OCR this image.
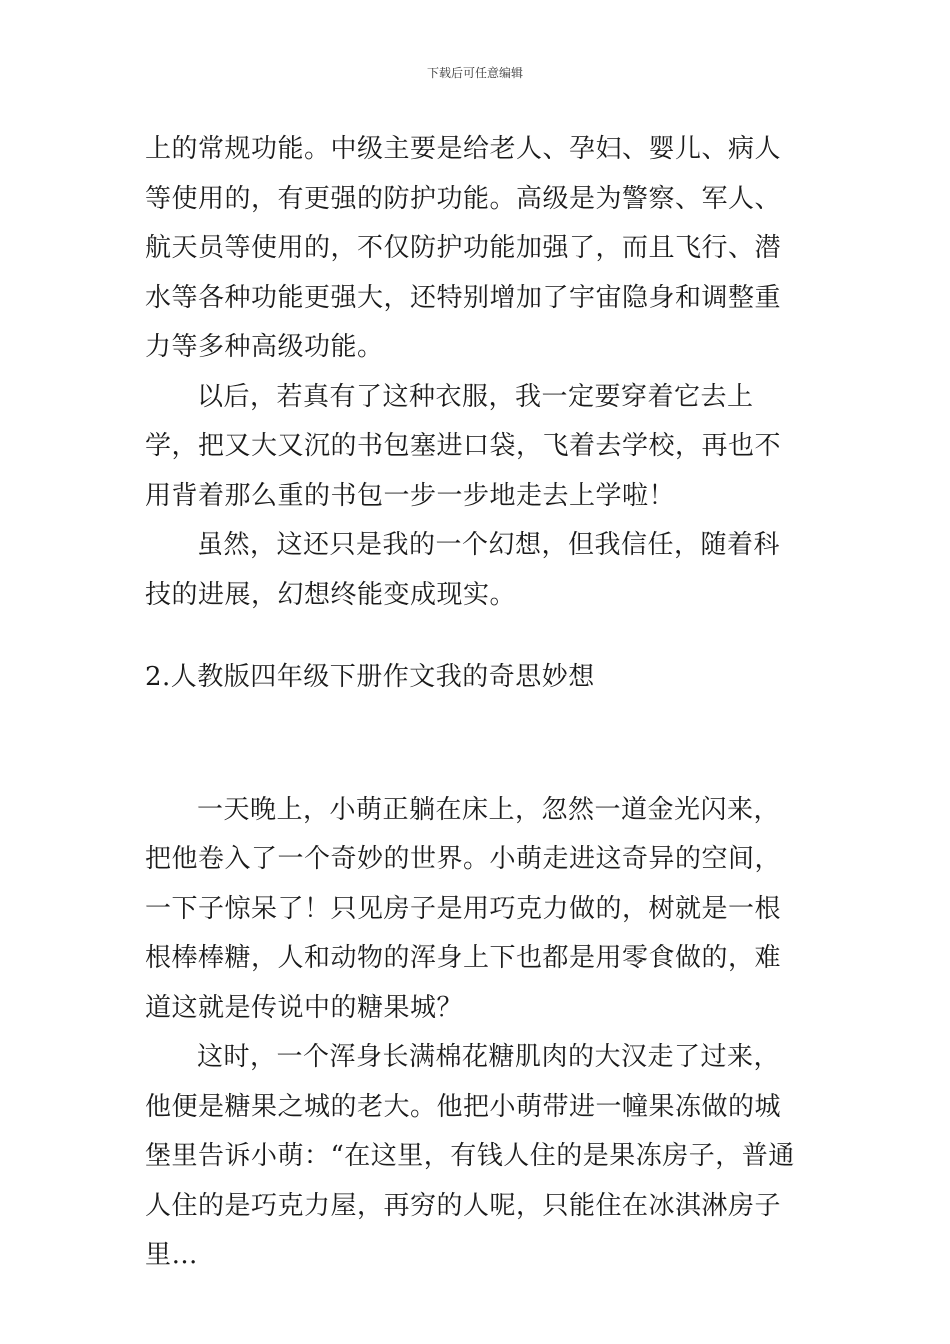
下载后可任意编辑

上的常规功能。中级主要是给老人、孕妇、婴儿、病人等使用的，有更强的防护功能。高级是为警察、军人、航天员等使用的，不仅防护功能加强了，而且飞行、潜水等各种功能更强大，还特别增加了宇宙隐身和调整重力等多种高级功能。

以后，若真有了这种衣服，我一定要穿着它去上学，把又大又沉的书包塞进口袋，飞着去学校，再也不用背着那么重的书包一步一步地走去上学啦！

虽然，这还只是我的一个幻想，但我信任，随着科技的进展，幻想终能变成现实。

2.人教版四年级下册作文我的奇思妙想

一天晚上，小萌正躺在床上，忽然一道金光闪来，把他卷入了一个奇妙的世界。小萌走进这奇异的空间，一下子惊呆了！只见房子是用巧克力做的，树就是一根根棒棒糖，人和动物的浑身上下也都是用零食做的，难道这就是传说中的糖果城？

这时，一个浑身长满棉花糖肌肉的大汉走了过来，他便是糖果之城的老大。他把小萌带进一幢果冻做的城堡里告诉小萌：“在这里，有钱人住的是果冻房子，普通人住的是巧克力屋，再穷的人呢，只能住在冰淇淋房子里…
